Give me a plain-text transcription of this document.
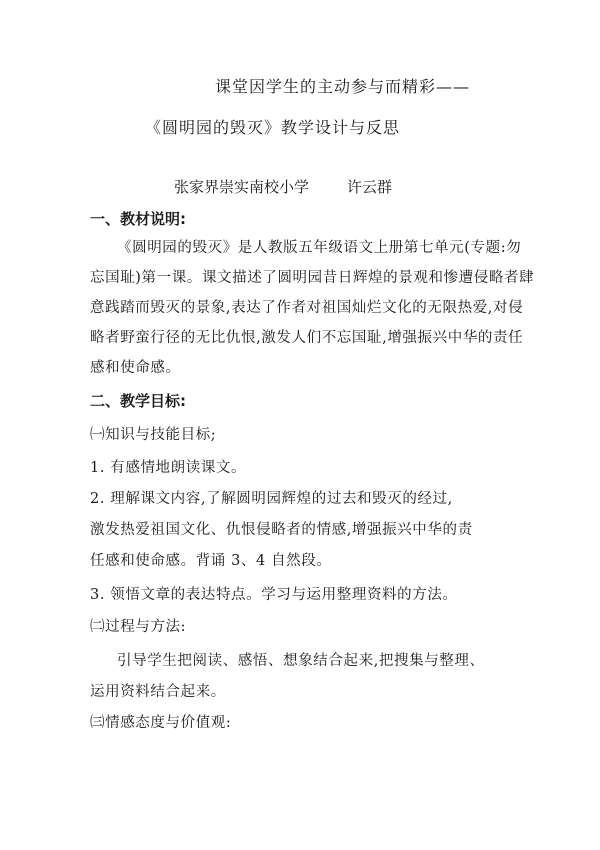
课堂因学生的主动参与而精彩——
《圆明园的毁灭》教学设计与反思
张家界崇实南校小学	许云群
一、教材说明:
《圆明园的毁灭》是人教版五年级语文上册第七单元(专题:勿
忘国耻)第一课。课文描述了圆明园昔日辉煌的景观和惨遭侵略者肆
意践踏而毁灭的景象,表达了作者对祖国灿烂文化的无限热爱,对侵
略者野蛮行径的无比仇恨,激发人们不忘国耻,增强振兴中华的责任
感和使命感。
二、教学目标:
㈠知识与技能目标;
1. 有感情地朗读课文。
2. 理解课文内容,了解圆明园辉煌的过去和毁灭的经过,
激发热爱祖国文化、仇恨侵略者的情感,增强振兴中华的责
任感和使命感。背诵 3、4 自然段。
3. 领悟文章的表达特点。学习与运用整理资料的方法。
㈡过程与方法:
引导学生把阅读、感悟、想象结合起来,把搜集与整理、
运用资料结合起来。
㈢情感态度与价值观:
